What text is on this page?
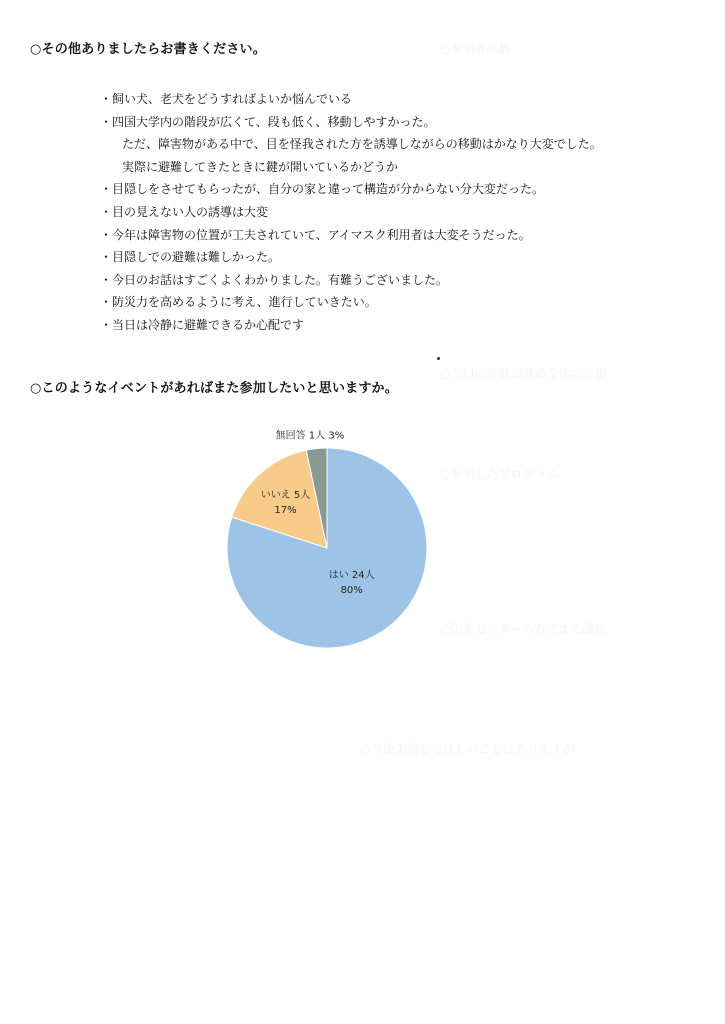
○参加者総数
○今回の避難訓練の全体の評価
○参加したプログラム
○防災センターの方による講座
○今後実施してほしいことはありますか
○その他ありましたらお書きください。
・飼い犬、老犬をどうすればよいか悩んでいる
・四国大学内の階段が広くて、段も低く、移動しやすかった。
ただ、障害物がある中で、目を怪我された方を誘導しながらの移動はかなり大変でした。
実際に避難してきたときに鍵が開いているかどうか
・目隠しをさせてもらったが、自分の家と違って構造が分からない分大変だった。
・目の見えない人の誘導は大変
・今年は障害物の位置が工夫されていて、アイマスク利用者は大変そうだった。
・目隠しでの避難は難しかった。
・今日のお話はすごくよくわかりました。有難うございました。
・防災力を高めるように考え、進行していきたい。
・当日は冷静に避難できるか心配です
○このようなイベントがあればまた参加したいと思いますか。
はい 24人
80%
いいえ 5人
17%
無回答 1人 3%
